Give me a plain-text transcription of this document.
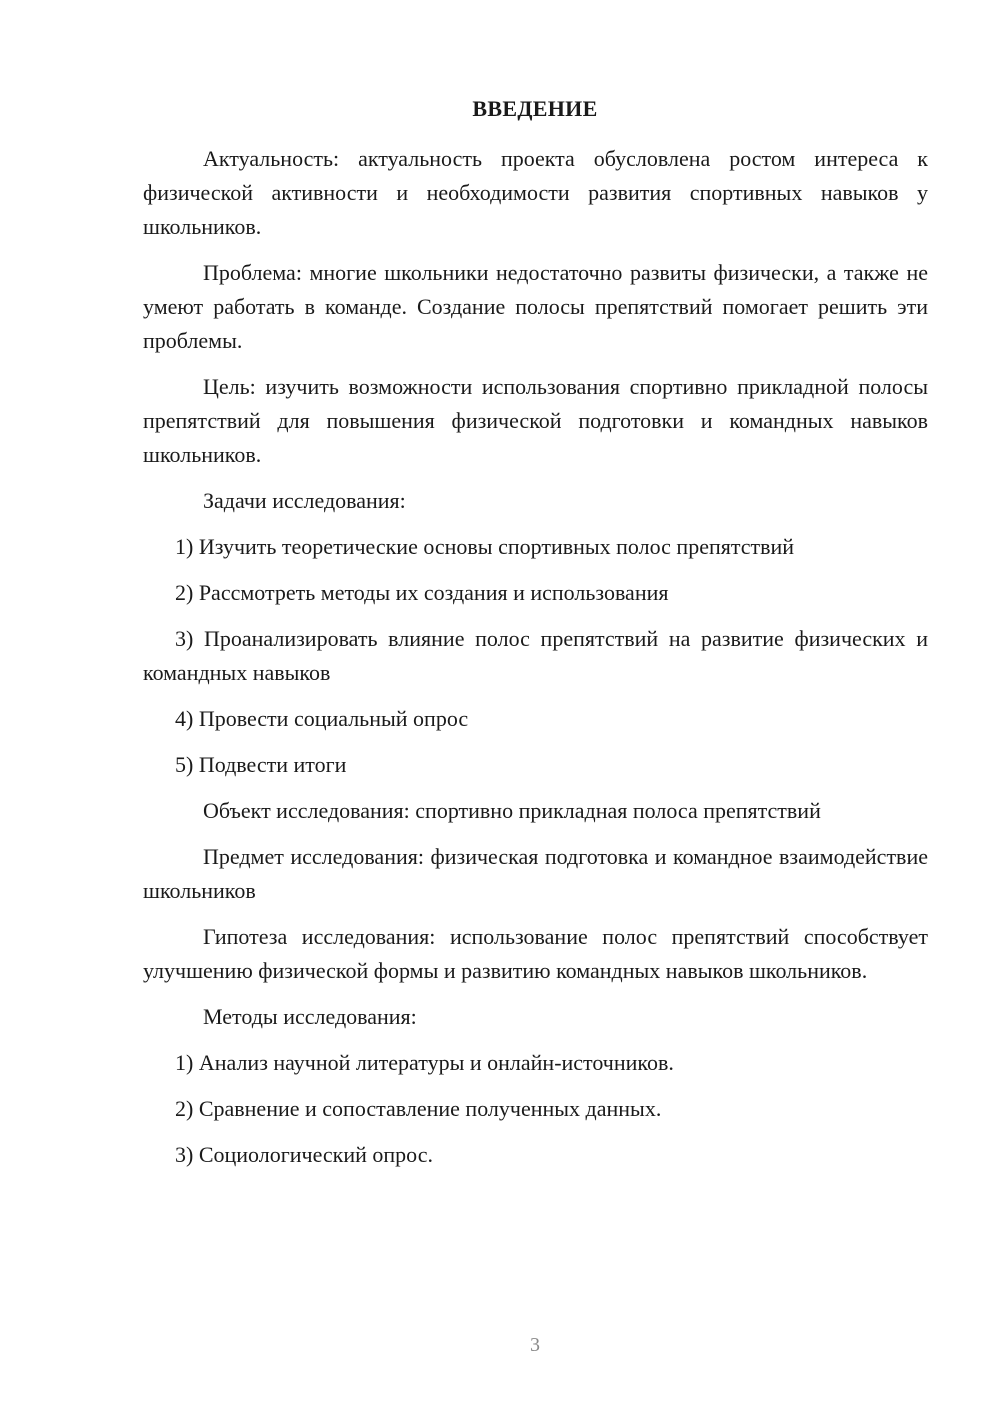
ВВЕДЕНИЕ

Актуальность: актуальность проекта обусловлена ростом интереса к физической активности и необходимости развития спортивных навыков у школьников.

Проблема: многие школьники недостаточно развиты физически, а также не умеют работать в команде. Создание полосы препятствий помогает решить эти проблемы.

Цель: изучить возможности использования спортивно прикладной полосы препятствий для повышения физической подготовки и командных навыков школьников.

Задачи исследования:

1) Изучить теоретические основы спортивных полос препятствий

2) Рассмотреть методы их создания и использования

3) Проанализировать влияние полос препятствий на развитие физических и командных навыков

4) Провести социальный опрос

5) Подвести итоги

Объект исследования: спортивно прикладная полоса препятствий

Предмет исследования: физическая подготовка и командное взаимодействие школьников

Гипотеза исследования: использование полос препятствий способствует улучшению физической формы и развитию командных навыков школьников.

Методы исследования:

1) Анализ научной литературы и онлайн-источников.

2) Сравнение и сопоставление полученных данных.

3) Социологический опрос.

3
